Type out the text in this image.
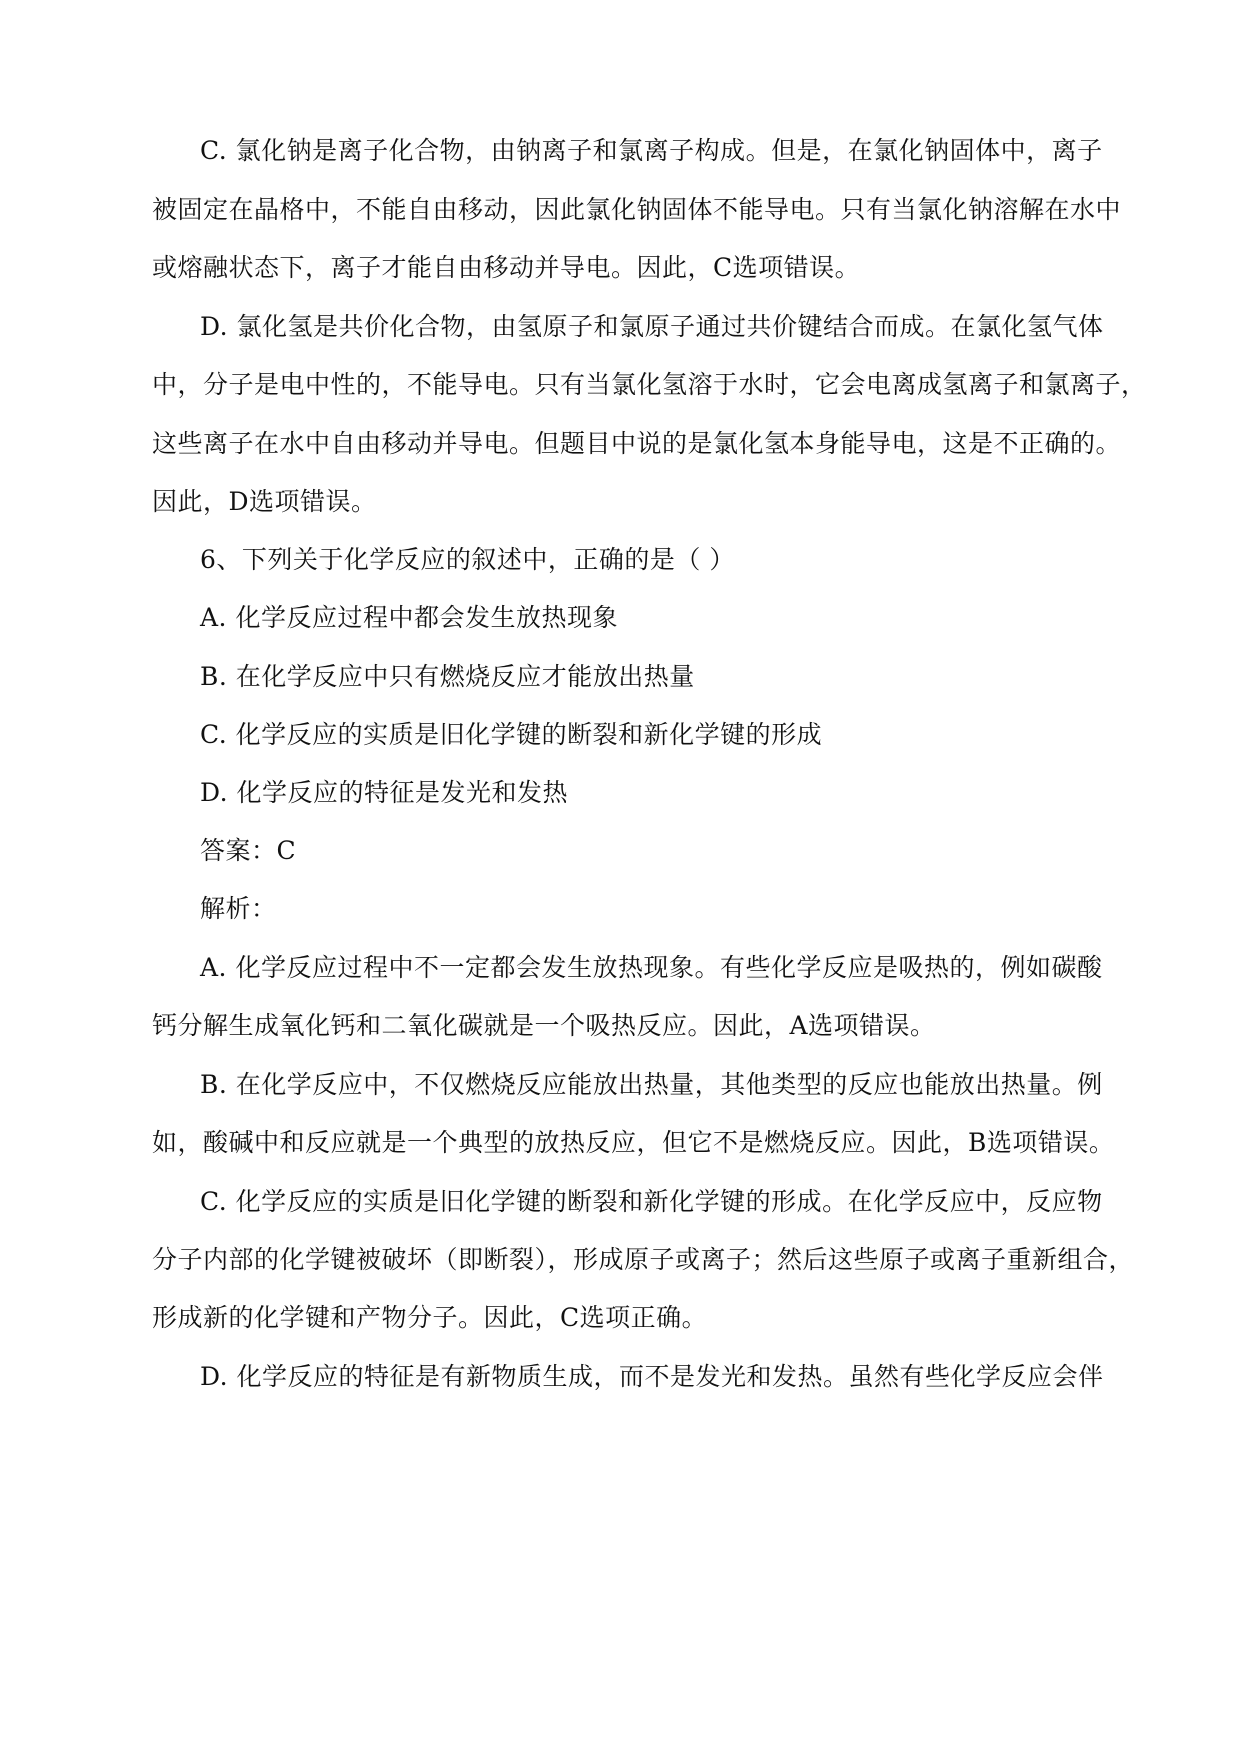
C. 氯化钠是离子化合物，由钠离子和氯离子构成。但是，在氯化钠固体中，离子
被固定在晶格中，不能自由移动，因此氯化钠固体不能导电。只有当氯化钠溶解在水中
或熔融状态下，离子才能自由移动并导电。因此，C选项错误。
D. 氯化氢是共价化合物，由氢原子和氯原子通过共价键结合而成。在氯化氢气体
中，分子是电中性的，不能导电。只有当氯化氢溶于水时，它会电离成氢离子和氯离子，
这些离子在水中自由移动并导电。但题目中说的是氯化氢本身能导电，这是不正确的。
因此，D选项错误。
6、下列关于化学反应的叙述中，正确的是（ ）
A. 化学反应过程中都会发生放热现象
B. 在化学反应中只有燃烧反应才能放出热量
C. 化学反应的实质是旧化学键的断裂和新化学键的形成
D. 化学反应的特征是发光和发热
答案：C
解析：
A. 化学反应过程中不一定都会发生放热现象。有些化学反应是吸热的，例如碳酸
钙分解生成氧化钙和二氧化碳就是一个吸热反应。因此，A选项错误。
B. 在化学反应中，不仅燃烧反应能放出热量，其他类型的反应也能放出热量。例
如，酸碱中和反应就是一个典型的放热反应，但它不是燃烧反应。因此，B选项错误。
C. 化学反应的实质是旧化学键的断裂和新化学键的形成。在化学反应中，反应物
分子内部的化学键被破坏（即断裂），形成原子或离子；然后这些原子或离子重新组合，
形成新的化学键和产物分子。因此，C选项正确。
D. 化学反应的特征是有新物质生成，而不是发光和发热。虽然有些化学反应会伴
